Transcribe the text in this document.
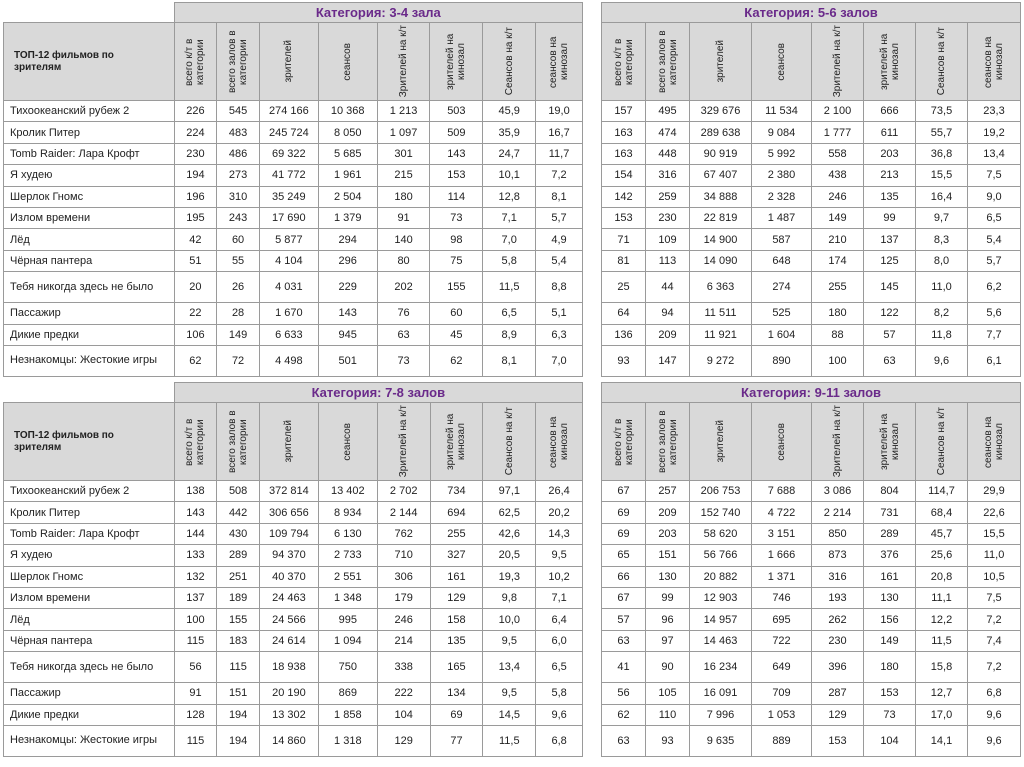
	Категория: 3-4 зала							
ТОП-12 фильмов по зрителям	всего к/т в категории	всего залов в категории	зрителей	сеансов	Зрителей на к/т	зрителей на кинозал	Сеансов на к/т	сеансов на кинозал

Тихоокеанский рубеж 2	226	545	274 166	10 368	1 213	503	45,9	19,0
Кролик Питер	224	483	245 724	8 050	1 097	509	35,9	16,7
Tomb Raider: Лара Крофт	230	486	69 322	5 685	301	143	24,7	11,7
Я худею	194	273	41 772	1 961	215	153	10,1	7,2
Шерлок Гномс	196	310	35 249	2 504	180	114	12,8	8,1
Излом времени	195	243	17 690	1 379	91	73	7,1	5,7
Лёд	42	60	5 877	294	140	98	7,0	4,9
Чёрная пантера	51	55	4 104	296	80	75	5,8	5,4
Тебя никогда здесь не было	20	26	4 031	229	202	155	11,5	8,8
Пассажир	22	28	1 670	143	76	60	6,5	5,1
Дикие предки	106	149	6 633	945	63	45	8,9	6,3
Незнакомцы: Жестокие игры	62	72	4 498	501	73	62	8,1	7,0
Категория: 5-6 залов							

всего к/т в категории	всего залов в категории	зрителей	сеансов	Зрителей на к/т	зрителей на кинозал	Сеансов на к/т	сеансов на кинозал

157	495	329 676	11 534	2 100	666	73,5	23,3
163	474	289 638	9 084	1 777	611	55,7	19,2
163	448	90 919	5 992	558	203	36,8	13,4
154	316	67 407	2 380	438	213	15,5	7,5
142	259	34 888	2 328	246	135	16,4	9,0
153	230	22 819	1 487	149	99	9,7	6,5
71	109	14 900	587	210	137	8,3	5,4
81	113	14 090	648	174	125	8,0	5,7
25	44	6 363	274	255	145	11,0	6,2
64	94	11 511	525	180	122	8,2	5,6
136	209	11 921	1 604	88	57	11,8	7,7
93	147	9 272	890	100	63	9,6	6,1
	Категория: 7-8 залов							
ТОП-12 фильмов по зрителям	всего к/т в категории	всего залов в категории	зрителей	сеансов	Зрителей на к/т	зрителей на кинозал	Сеансов на к/т	сеансов на кинозал

Тихоокеанский рубеж 2	138	508	372 814	13 402	2 702	734	97,1	26,4
Кролик Питер	143	442	306 656	8 934	2 144	694	62,5	20,2
Tomb Raider: Лара Крофт	144	430	109 794	6 130	762	255	42,6	14,3
Я худею	133	289	94 370	2 733	710	327	20,5	9,5
Шерлок Гномс	132	251	40 370	2 551	306	161	19,3	10,2
Излом времени	137	189	24 463	1 348	179	129	9,8	7,1
Лёд	100	155	24 566	995	246	158	10,0	6,4
Чёрная пантера	115	183	24 614	1 094	214	135	9,5	6,0
Тебя никогда здесь не было	56	115	18 938	750	338	165	13,4	6,5
Пассажир	91	151	20 190	869	222	134	9,5	5,8
Дикие предки	128	194	13 302	1 858	104	69	14,5	9,6
Незнакомцы: Жестокие игры	115	194	14 860	1 318	129	77	11,5	6,8
Категория: 9-11 залов							

всего к/т в категории	всего залов в категории	зрителей	сеансов	Зрителей на к/т	зрителей на кинозал	Сеансов на к/т	сеансов на кинозал

67	257	206 753	7 688	3 086	804	114,7	29,9
69	209	152 740	4 722	2 214	731	68,4	22,6
69	203	58 620	3 151	850	289	45,7	15,5
65	151	56 766	1 666	873	376	25,6	11,0
66	130	20 882	1 371	316	161	20,8	10,5
67	99	12 903	746	193	130	11,1	7,5
57	96	14 957	695	262	156	12,2	7,2
63	97	14 463	722	230	149	11,5	7,4
41	90	16 234	649	396	180	15,8	7,2
56	105	16 091	709	287	153	12,7	6,8
62	110	7 996	1 053	129	73	17,0	9,6
63	93	9 635	889	153	104	14,1	9,6
